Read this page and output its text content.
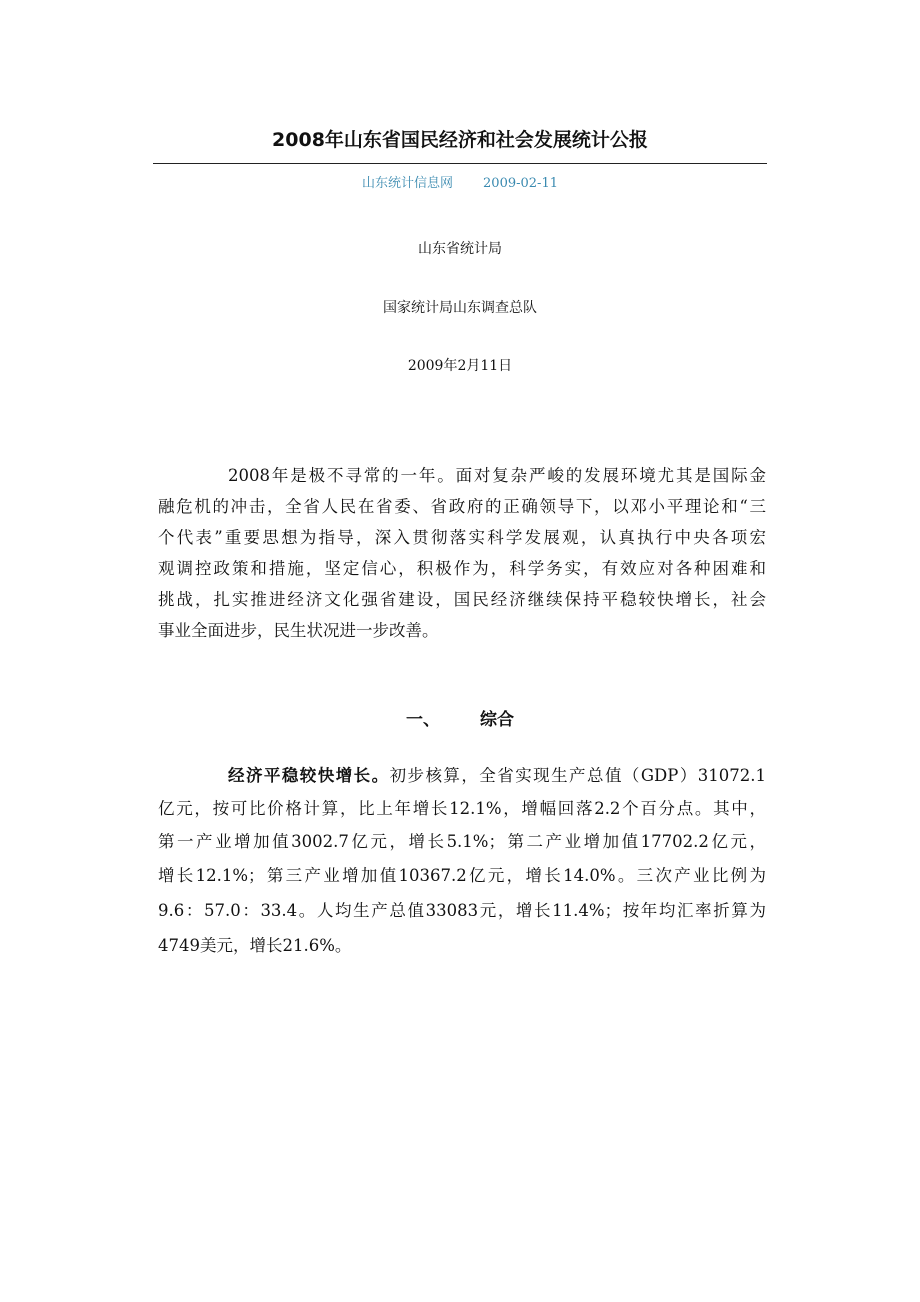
2008年山东省国民经济和社会发展统计公报
山东统计信息网 2009-02-11
山东省统计局
国家统计局山东调查总队
2009年2月11日
2008年是极不寻常的一年。面对复杂严峻的发展环境尤其是国际金
融危机的冲击，全省人民在省委、省政府的正确领导下，以邓小平理论和“三
个代表”重要思想为指导，深入贯彻落实科学发展观，认真执行中央各项宏
观调控政策和措施，坚定信心，积极作为，科学务实，有效应对各种困难和
挑战，扎实推进经济文化强省建设，国民经济继续保持平稳较快增长，社会
事业全面进步，民生状况进一步改善。
一、 综合
经济平稳较快增长。初步核算，全省实现生产总值（GDP）31072.1
亿元，按可比价格计算，比上年增长12.1%，增幅回落2.2个百分点。其中，
第一产业增加值3002.7亿元，增长5.1%；第二产业增加值17702.2亿元，
增长12.1%；第三产业增加值10367.2亿元，增长14.0%。三次产业比例为
9.6：57.0：33.4。人均生产总值33083元，增长11.4%；按年均汇率折算为
4749美元，增长21.6%。
